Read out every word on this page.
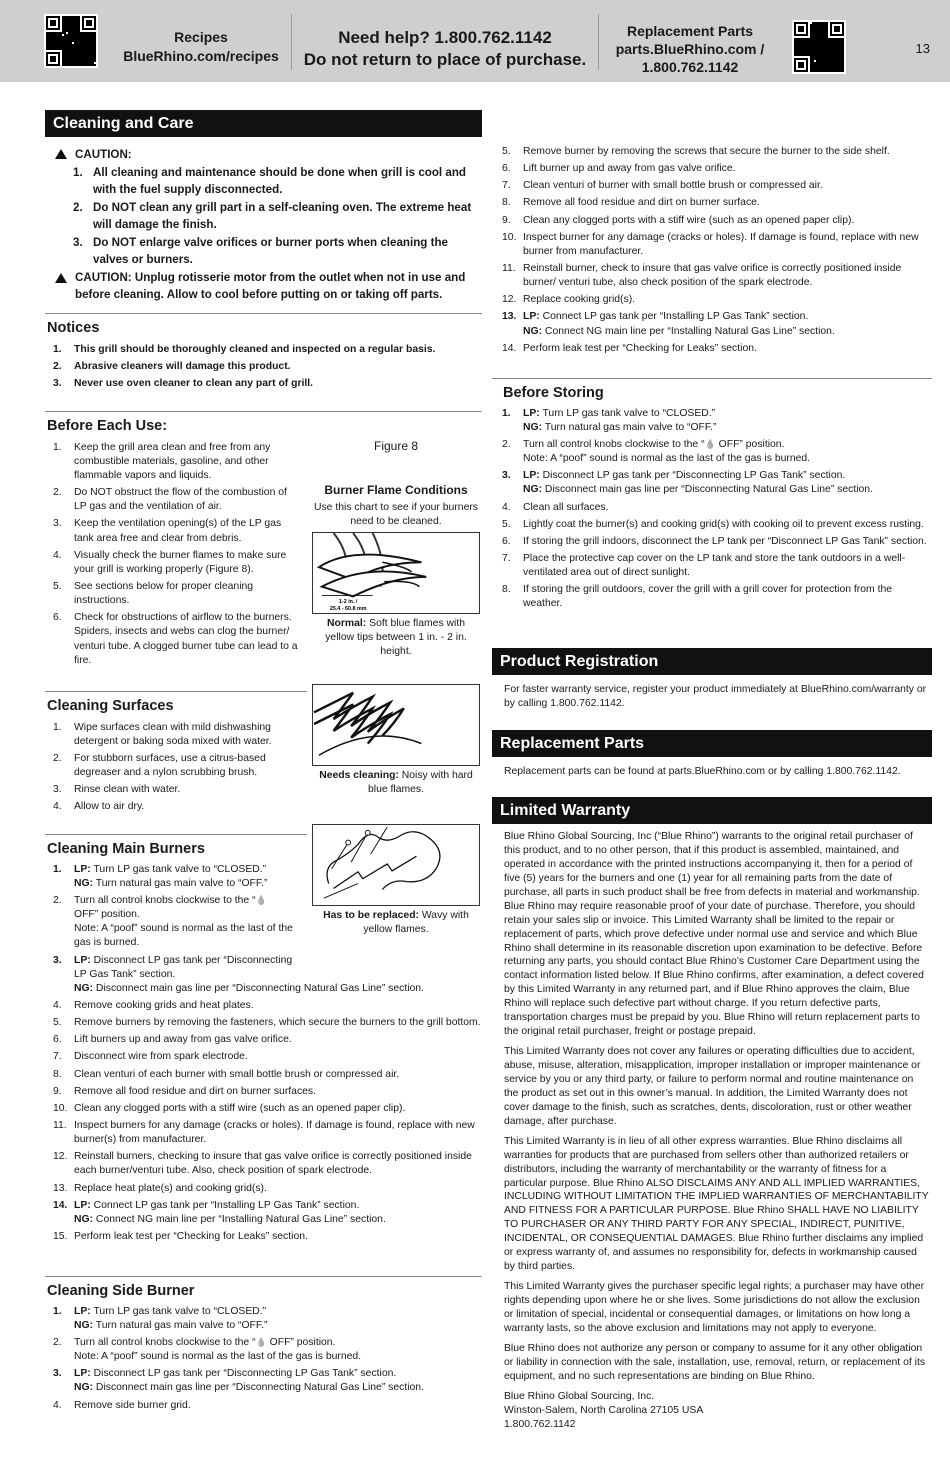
Recipes
BlueRhino.com/recipes
Need help? 1.800.762.1142
Do not return to place of purchase.
Replacement Parts
parts.BlueRhino.com /
1.800.762.1142
13
Cleaning and Care
CAUTION:
1. All cleaning and maintenance should be done when grill is cool and with the fuel supply disconnected.
2. Do NOT clean any grill part in a self-cleaning oven. The extreme heat will damage the finish.
3. Do NOT enlarge valve orifices or burner ports when cleaning the valves or burners.
CAUTION: Unplug rotisserie motor from the outlet when not in use and before cleaning. Allow to cool before putting on or taking off parts.
Notices
1. This grill should be thoroughly cleaned and inspected on a regular basis.
2. Abrasive cleaners will damage this product.
3. Never use oven cleaner to clean any part of grill.
Before Each Use:
1. Keep the grill area clean and free from any combustible materials, gasoline, and other flammable vapors and liquids.
2. Do NOT obstruct the flow of the combustion of LP gas and the ventilation of air.
3. Keep the ventilation opening(s) of the LP gas tank area free and clear from debris.
4. Visually check the burner flames to make sure your grill is working properly (Figure 8).
5. See sections below for proper cleaning instructions.
6. Check for obstructions of airflow to the burners. Spiders, insects and webs can clog the burner/ venturi tube. A clogged burner tube can lead to a fire.
Cleaning Surfaces
1. Wipe surfaces clean with mild dishwashing detergent or baking soda mixed with water.
2. For stubborn surfaces, use a citrus-based degreaser and a nylon scrubbing brush.
3. Rinse clean with water.
4. Allow to air dry.
Figure 8
Burner Flame Conditions
Use this chart to see if your burners need to be cleaned.
1-2 in. /
25.4 - 50.8 mm
Normal: Soft blue flames with yellow tips between 1 in. - 2 in. height.
Needs cleaning: Noisy with hard blue flames.
Has to be replaced: Wavy with yellow flames.
Cleaning Main Burners
1. LP: Turn LP gas tank valve to “CLOSED.”
NG: Turn natural gas main valve to “OFF.”
2. Turn all control knobs clockwise to the “💧 OFF” position.
Note: A “poof” sound is normal as the last of the gas is burned.
3. LP: Disconnect LP gas tank per “Disconnecting LP Gas Tank” section.
NG: Disconnect main gas line per “Disconnecting Natural Gas Line” section.
4. Remove cooking grids and heat plates.
5. Remove burners by removing the fasteners, which secure the burners to the grill bottom.
6. Lift burners up and away from gas valve orifice.
7. Disconnect wire from spark electrode.
8. Clean venturi of each burner with small bottle brush or compressed air.
9. Remove all food residue and dirt on burner surfaces.
10. Clean any clogged ports with a stiff wire (such as an opened paper clip).
11. Inspect burners for any damage (cracks or holes). If damage is found, replace with new burner(s) from manufacturer.
12. Reinstall burners, checking to insure that gas valve orifice is correctly positioned inside each burner/venturi tube. Also, check position of spark electrode.
13. Replace heat plate(s) and cooking grid(s).
14. LP: Connect LP gas tank per “Installing LP Gas Tank” section.
NG: Connect NG main line per “Installing Natural Gas Line” section.
15. Perform leak test per “Checking for Leaks” section.
Cleaning Side Burner
1. LP: Turn LP gas tank valve to “CLOSED.”
NG: Turn natural gas main valve to “OFF.”
2. Turn all control knobs clockwise to the “💧 OFF” position.
Note: A “poof” sound is normal as the last of the gas is burned.
3. LP: Disconnect LP gas tank per “Disconnecting LP Gas Tank” section.
NG: Disconnect main gas line per “Disconnecting Natural Gas Line” section.
4. Remove side burner grid.
5. Remove burner by removing the screws that secure the burner to the side shelf.
6. Lift burner up and away from gas valve orifice.
7. Clean venturi of burner with small bottle brush or compressed air.
8. Remove all food residue and dirt on burner surface.
9. Clean any clogged ports with a stiff wire (such as an opened paper clip).
10. Inspect burner for any damage (cracks or holes). If damage is found, replace with new burner from manufacturer.
11. Reinstall burner, check to insure that gas valve orifice is correctly positioned inside burner/ venturi tube, also check position of the spark electrode.
12. Replace cooking grid(s).
13. LP: Connect LP gas tank per “Installing LP Gas Tank” section.
NG: Connect NG main line per “Installing Natural Gas Line” section.
14. Perform leak test per “Checking for Leaks” section.
Before Storing
1. LP: Turn LP gas tank valve to “CLOSED.”
NG: Turn natural gas main valve to “OFF.”
2. Turn all control knobs clockwise to the “💧 OFF” position.
Note: A “poof” sound is normal as the last of the gas is burned.
3. LP: Disconnect LP gas tank per “Disconnecting LP Gas Tank” section.
NG: Disconnect main gas line per “Disconnecting Natural Gas Line” section.
4. Clean all surfaces.
5. Lightly coat the burner(s) and cooking grid(s) with cooking oil to prevent excess rusting.
6. If storing the grill indoors, disconnect the LP tank per “Disconnect LP Gas Tank” section.
7. Place the protective cap cover on the LP tank and store the tank outdoors in a well-ventilated area out of direct sunlight.
8. If storing the grill outdoors, cover the grill with a grill cover for protection from the weather.
Product Registration
For faster warranty service, register your product immediately at BlueRhino.com/warranty or by calling 1.800.762.1142.
Replacement Parts
Replacement parts can be found at parts.BlueRhino.com or by calling 1.800.762.1142.
Limited Warranty
Blue Rhino Global Sourcing, Inc (“Blue Rhino”) warrants to the original retail purchaser of this product, and to no other person, that if this product is assembled, maintained, and operated in accordance with the printed instructions accompanying it, then for a period of five (5) years for the burners and one (1) year for all remaining parts from the date of purchase, all parts in such product shall be free from defects in material and workmanship. Blue Rhino may require reasonable proof of your date of purchase. Therefore, you should retain your sales slip or invoice. This Limited Warranty shall be limited to the repair or replacement of parts, which prove defective under normal use and service and which Blue Rhino shall determine in its reasonable discretion upon examination to be defective. Before returning any parts, you should contact Blue Rhino’s Customer Care Department using the contact information listed below. If Blue Rhino confirms, after examination, a defect covered by this Limited Warranty in any returned part, and if Blue Rhino approves the claim, Blue Rhino will replace such defective part without charge. If you return defective parts, transportation charges must be prepaid by you. Blue Rhino will return replacement parts to the original retail purchaser, freight or postage prepaid.
This Limited Warranty does not cover any failures or operating difficulties due to accident, abuse, misuse, alteration, misapplication, improper installation or improper maintenance or service by you or any third party, or failure to perform normal and routine maintenance on the product as set out in this owner’s manual. In addition, the Limited Warranty does not cover damage to the finish, such as scratches, dents, discoloration, rust or other weather damage, after purchase.
This Limited Warranty is in lieu of all other express warranties. Blue Rhino disclaims all warranties for products that are purchased from sellers other than authorized retailers or distributors, including the warranty of merchantability or the warranty of fitness for a particular purpose. Blue Rhino ALSO DISCLAIMS ANY AND ALL IMPLIED WARRANTIES, INCLUDING WITHOUT LIMITATION THE IMPLIED WARRANTIES OF MERCHANTABILITY AND FITNESS FOR A PARTICULAR PURPOSE. Blue Rhino SHALL HAVE NO LIABILITY TO PURCHASER OR ANY THIRD PARTY FOR ANY SPECIAL, INDIRECT, PUNITIVE, INCIDENTAL, OR CONSEQUENTIAL DAMAGES. Blue Rhino further disclaims any implied or express warranty of, and assumes no responsibility for, defects in workmanship caused by third parties.
This Limited Warranty gives the purchaser specific legal rights; a purchaser may have other rights depending upon where he or she lives. Some jurisdictions do not allow the exclusion or limitation of special, incidental or consequential damages, or limitations on how long a warranty lasts, so the above exclusion and limitations may not apply to everyone.
Blue Rhino does not authorize any person or company to assume for it any other obligation or liability in connection with the sale, installation, use, removal, return, or replacement of its equipment, and no such representations are binding on Blue Rhino.
Blue Rhino Global Sourcing, Inc.
Winston-Salem, North Carolina 27105 USA
1.800.762.1142
